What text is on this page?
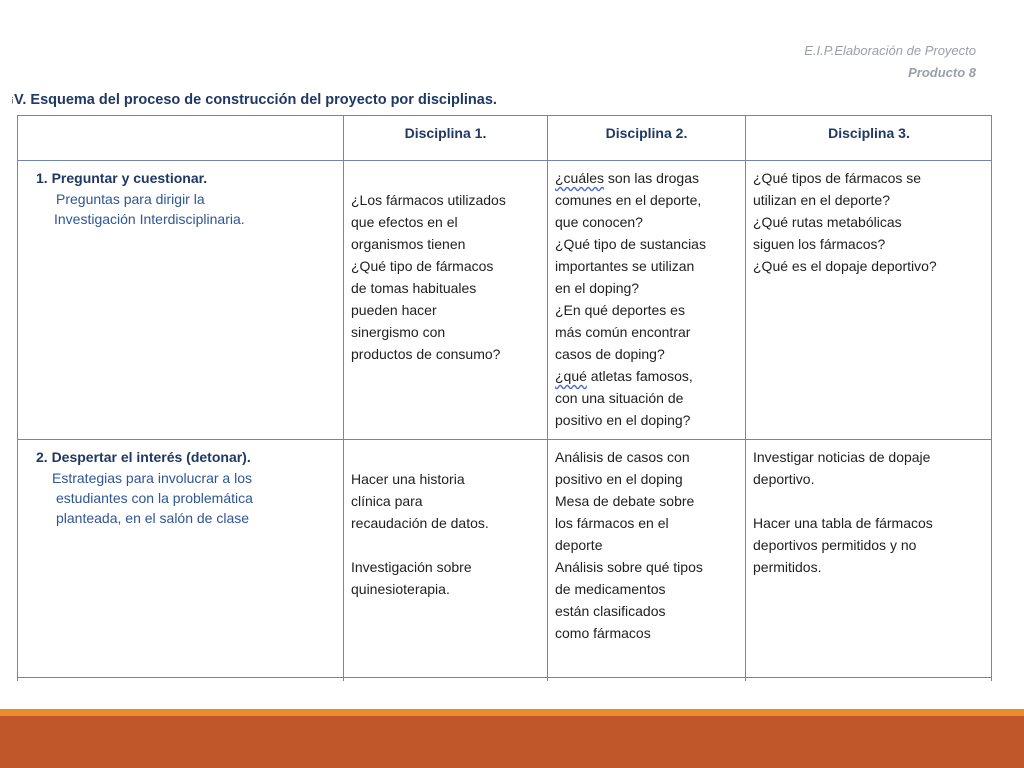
E.I.P.Elaboración de Proyecto
Producto 8
¡V. Esquema del proceso de construcción del proyecto por disciplinas.
Disciplina 1.	Disciplina 2.	Disciplina 3.
1. Preguntar y cuestionar.
Preguntas para dirigir la
Investigación Interdisciplinaria.
¿Los fármacos utilizados
que efectos en el
organismos tienen
¿Qué tipo de fármacos
de tomas habituales
pueden hacer
sinergismo con
productos de consumo?
¿cuáles son las drogas
comunes en el deporte,
que conocen?
¿Qué tipo de sustancias
importantes se utilizan
en el doping?
¿En qué deportes es
más común encontrar
casos de doping?
¿qué atletas famosos,
con una situación de
positivo en el doping?
¿Qué tipos de fármacos se
utilizan en el deporte?
¿Qué rutas metabólicas
siguen los fármacos?
¿Qué es el dopaje deportivo?
2. Despertar el interés (detonar).
Estrategias para involucrar a los
estudiantes con la problemática
planteada, en el salón de clase
Hacer una historia
clínica para
recaudación de datos.
Investigación sobre
quinesioterapia.
Análisis de casos con
positivo en el doping
Mesa de debate sobre
los fármacos en el
deporte
Análisis sobre qué tipos
de medicamentos
están clasificados
como fármacos
Investigar noticias de dopaje
deportivo.
Hacer una tabla de fármacos
deportivos permitidos y no
permitidos.
